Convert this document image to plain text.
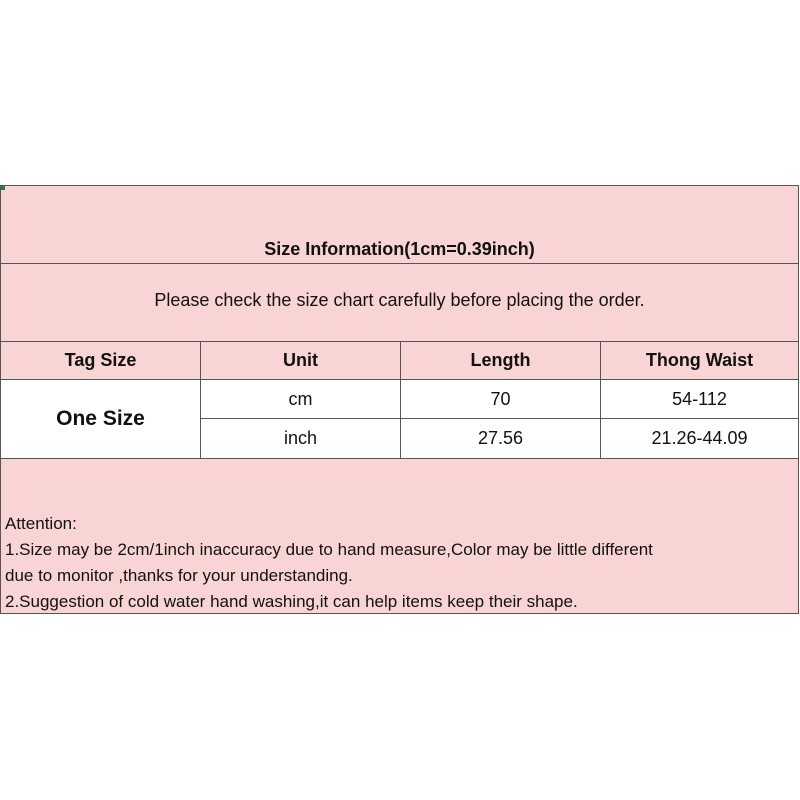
Size Information(1cm=0.39inch)
Please check the size chart carefully before placing the order.
Tag Size	Unit	Length	Thong Waist
One Size
cm	70	54-112
inch	27.56	21.26-44.09
Attention:
1.Size may be 2cm/1inch inaccuracy due to hand measure,Color may be little different
due to monitor ,thanks for your understanding.
2.Suggestion of cold water hand washing,it can help items keep their shape.
